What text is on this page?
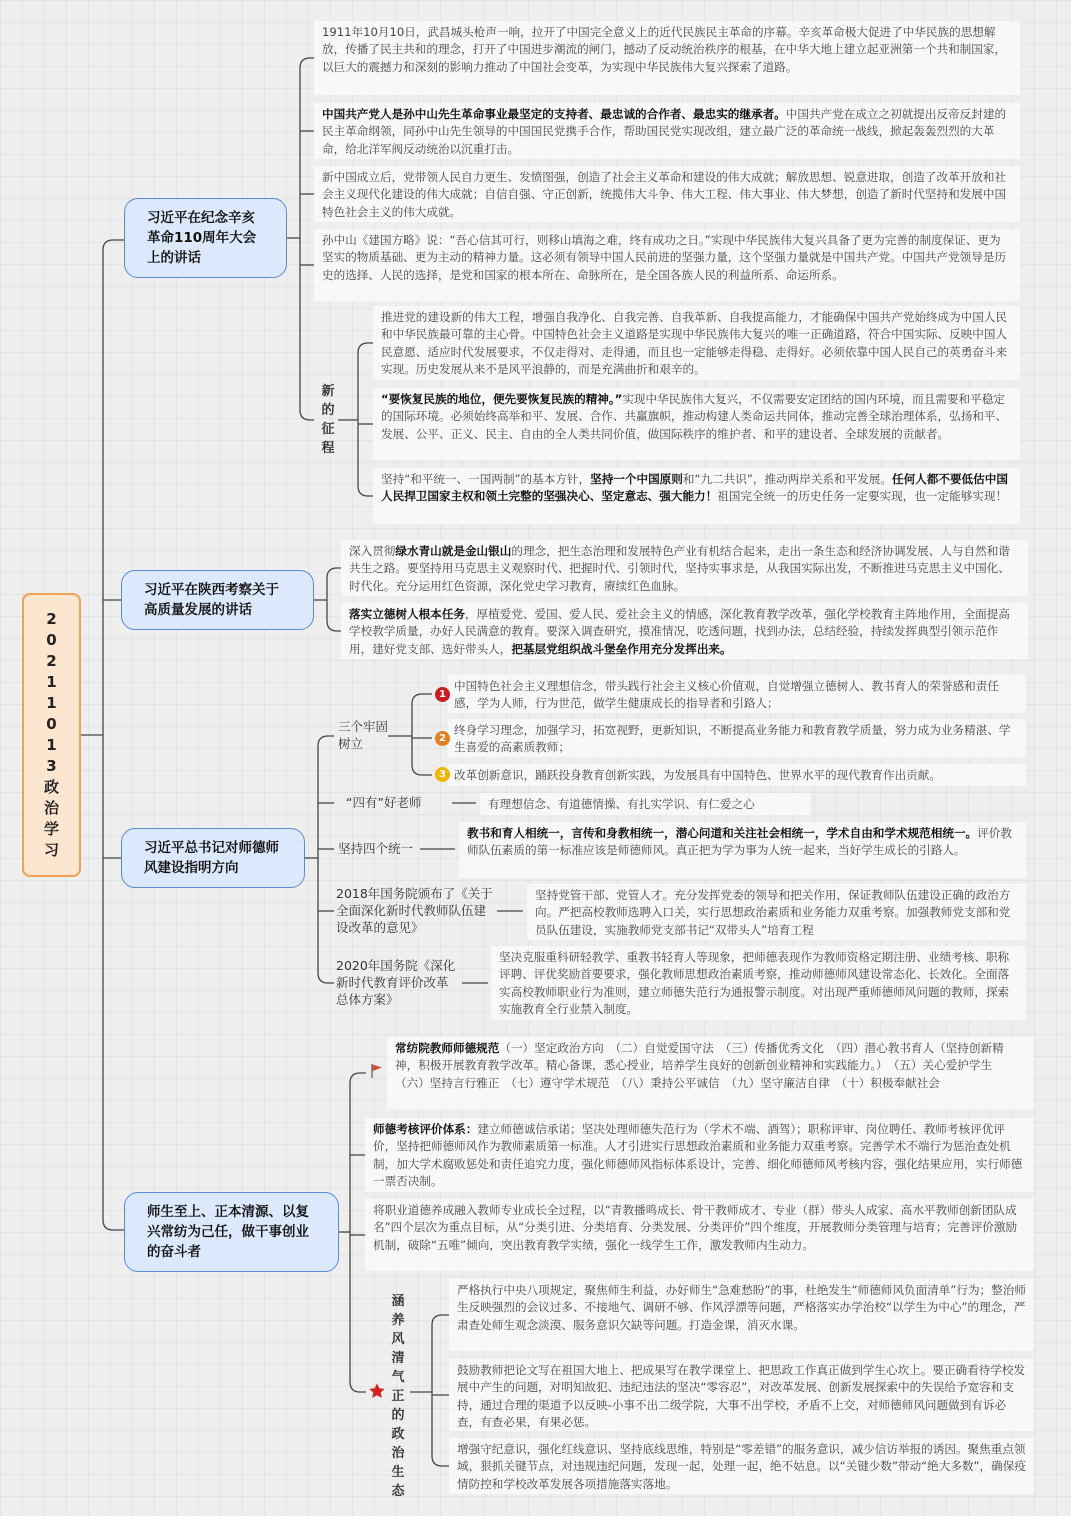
2
0
2
1
1
0
1
3
政
治
学
习
习近平在纪念辛亥革命110周年大会上的讲话
1911年10月10日，武昌城头枪声一响，拉开了中国完全意义上的近代民族民主革命的序幕。辛亥革命极大促进了中华民族的思想解放，传播了民主共和的理念，打开了中国进步潮流的闸门，撼动了反动统治秩序的根基，在中华大地上建立起亚洲第一个共和制国家，以巨大的震撼力和深刻的影响力推动了中国社会变革，为实现中华民族伟大复兴探索了道路。
中国共产党人是孙中山先生革命事业最坚定的支持者、最忠诚的合作者、最忠实的继承者。中国共产党在成立之初就提出反帝反封建的民主革命纲领，同孙中山先生领导的中国国民党携手合作，帮助国民党实现改组，建立最广泛的革命统一战线，掀起轰轰烈烈的大革命，给北洋军阀反动统治以沉重打击。
新中国成立后，党带领人民自力更生、发愤图强，创造了社会主义革命和建设的伟大成就；解放思想、锐意进取，创造了改革开放和社会主义现代化建设的伟大成就；自信自强、守正创新，统揽伟大斗争、伟大工程、伟大事业、伟大梦想，创造了新时代坚持和发展中国特色社会主义的伟大成就。
孙中山《建国方略》说：“吾心信其可行，则移山填海之难，终有成功之日。”实现中华民族伟大复兴具备了更为完善的制度保证、更为坚实的物质基础、更为主动的精神力量。这必须有领导中国人民前进的坚强力量，这个坚强力量就是中国共产党。中国共产党领导是历史的选择、人民的选择，是党和国家的根本所在、命脉所在，是全国各族人民的利益所系、命运所系。
新
的
征
程
推进党的建设新的伟大工程，增强自我净化、自我完善、自我革新、自我提高能力，才能确保中国共产党始终成为中国人民和中华民族最可靠的主心骨。中国特色社会主义道路是实现中华民族伟大复兴的唯一正确道路，符合中国实际、反映中国人民意愿、适应时代发展要求，不仅走得对、走得通，而且也一定能够走得稳、走得好。必须依靠中国人民自己的英勇奋斗来实现。历史发展从来不是风平浪静的，而是充满曲折和艰辛的。
“要恢复民族的地位，便先要恢复民族的精神。”实现中华民族伟大复兴，不仅需要安定团结的国内环境，而且需要和平稳定的国际环境。必须始终高举和平、发展、合作、共赢旗帜，推动构建人类命运共同体，推动完善全球治理体系，弘扬和平、发展、公平、正义、民主、自由的全人类共同价值，做国际秩序的维护者、和平的建设者、全球发展的贡献者。
坚持“和平统一、一国两制”的基本方针，坚持一个中国原则和“九二共识”，推动两岸关系和平发展。任何人都不要低估中国人民捍卫国家主权和领土完整的坚强决心、坚定意志、强大能力！祖国完全统一的历史任务一定要实现，也一定能够实现！
习近平在陕西考察关于高质量发展的讲话
深入贯彻绿水青山就是金山银山的理念，把生态治理和发展特色产业有机结合起来，走出一条生态和经济协调发展、人与自然和谐共生之路。要坚持用马克思主义观察时代、把握时代、引领时代，坚持实事求是，从我国实际出发，不断推进马克思主义中国化、时代化。充分运用红色资源，深化党史学习教育，赓续红色血脉。
落实立德树人根本任务，厚植爱党、爱国、爱人民、爱社会主义的情感，深化教育教学改革，强化学校教育主阵地作用，全面提高学校教学质量，办好人民满意的教育。要深入调查研究，摸准情况，吃透问题，找到办法，总结经验，持续发挥典型引领示范作用，建好党支部、选好带头人，把基层党组织战斗堡垒作用充分发挥出来。
习近平总书记对师德师风建设指明方向
三个牢固树立
中国特色社会主义理想信念，带头践行社会主义核心价值观，自觉增强立德树人、教书育人的荣誉感和责任感，学为人师，行为世范，做学生健康成长的指导者和引路人；
1
终身学习理念，加强学习，拓宽视野，更新知识，不断提高业务能力和教育教学质量，努力成为业务精湛、学生喜爱的高素质教师；
2
改革创新意识，踊跃投身教育创新实践，为发展具有中国特色、世界水平的现代教育作出贡献。
3
“四有”好老师	有理想信念、有道德情操、有扎实学识、有仁爱之心
坚持四个统一
教书和育人相统一，言传和身教相统一，潜心问道和关注社会相统一，学术自由和学术规范相统一。评价教师队伍素质的第一标准应该是师德师风。真正把为学为事为人统一起来，当好学生成长的引路人。
2018年国务院颁布了《关于全面深化新时代教师队伍建设改革的意见》
坚持党管干部、党管人才。充分发挥党委的领导和把关作用，保证教师队伍建设正确的政治方向。严把高校教师选聘入口关，实行思想政治素质和业务能力双重考察。加强教师党支部和党员队伍建设，实施教师党支部书记“双带头人”培育工程
2020年国务院《深化新时代教育评价改革总体方案》
坚决克服重科研轻教学、重教书轻育人等现象，把师德表现作为教师资格定期注册、业绩考核、职称评聘、评优奖励首要要求，强化教师思想政治素质考察，推动师德师风建设常态化、长效化。全面落实高校教师职业行为准则，建立师德失范行为通报警示制度。对出现严重师德师风问题的教师，探索实施教育全行业禁入制度。
师生至上、正本清源、以复兴常纺为己任，做干事创业的奋斗者
常纺院教师师德规范（一）坚定政治方向　（二）自觉爱国守法　（三）传播优秀文化　（四）潜心教书育人（坚持创新精神，积极开展教育教学改革。精心备课，悉心授业，培养学生良好的创新创业精神和实践能力。）　（五）关心爱护学生　（六）坚持言行雅正　（七）遵守学术规范　（八）秉持公平诚信　（九）坚守廉洁自律　（十）积极奉献社会
师德考核评价体系：建立师德诚信承诺；坚决处理师德失范行为（学术不端、酒驾）；职称评审、岗位聘任、教师考核评优评价，坚持把师德师风作为教师素质第一标准。人才引进实行思想政治素质和业务能力双重考察。完善学术不端行为惩治查处机制，加大学术腐败惩处和责任追究力度，强化师德师风指标体系设计，完善、细化师德师风考核内容，强化结果应用，实行师德一票否决制。
将职业道德养成融入教师专业成长全过程，以“青教播鸣成长、骨干教师成才、专业（群）带头人成家、高水平教师创新团队成名”四个层次为重点目标，从“分类引进、分类培育、分类发展、分类评价”四个维度，开展教师分类管理与培育；完善评价激励机制，破除“五唯”倾向，突出教育教学实绩，强化一线学生工作，激发教师内生动力。
涵
养
风
清
气
正
的
政
治
生
态
严格执行中央八项规定，聚焦师生利益，办好师生“急难愁盼”的事，杜绝发生“师德师风负面清单”行为；整治师生反映强烈的会议过多、不接地气、调研不够、作风浮漂等问题，严格落实办学治校“以学生为中心”的理念，严肃查处师生观念淡漠、服务意识欠缺等问题。打造金课，消灭水课。
鼓励教师把论文写在祖国大地上、把成果写在教学课堂上、把思政工作真正做到学生心坎上。要正确看待学校发展中产生的问题，对明知故犯、违纪违法的坚决“零容忍”，对改革发展、创新发展探索中的失误给予宽容和支持，通过合理的渠道予以反映-小事不出二级学院，大事不出学校，矛盾不上交，对师德师风问题做到有诉必查，有查必果，有果必惩。
增强守纪意识，强化红线意识、坚持底线思维，特别是“零差错”的服务意识，减少信访举报的诱因。聚焦重点领域，狠抓关键节点，对违规违纪问题，发现一起，处理一起，绝不姑息。以“关键少数”带动“绝大多数”，确保疫情防控和学校改革发展各项措施落实落地。
